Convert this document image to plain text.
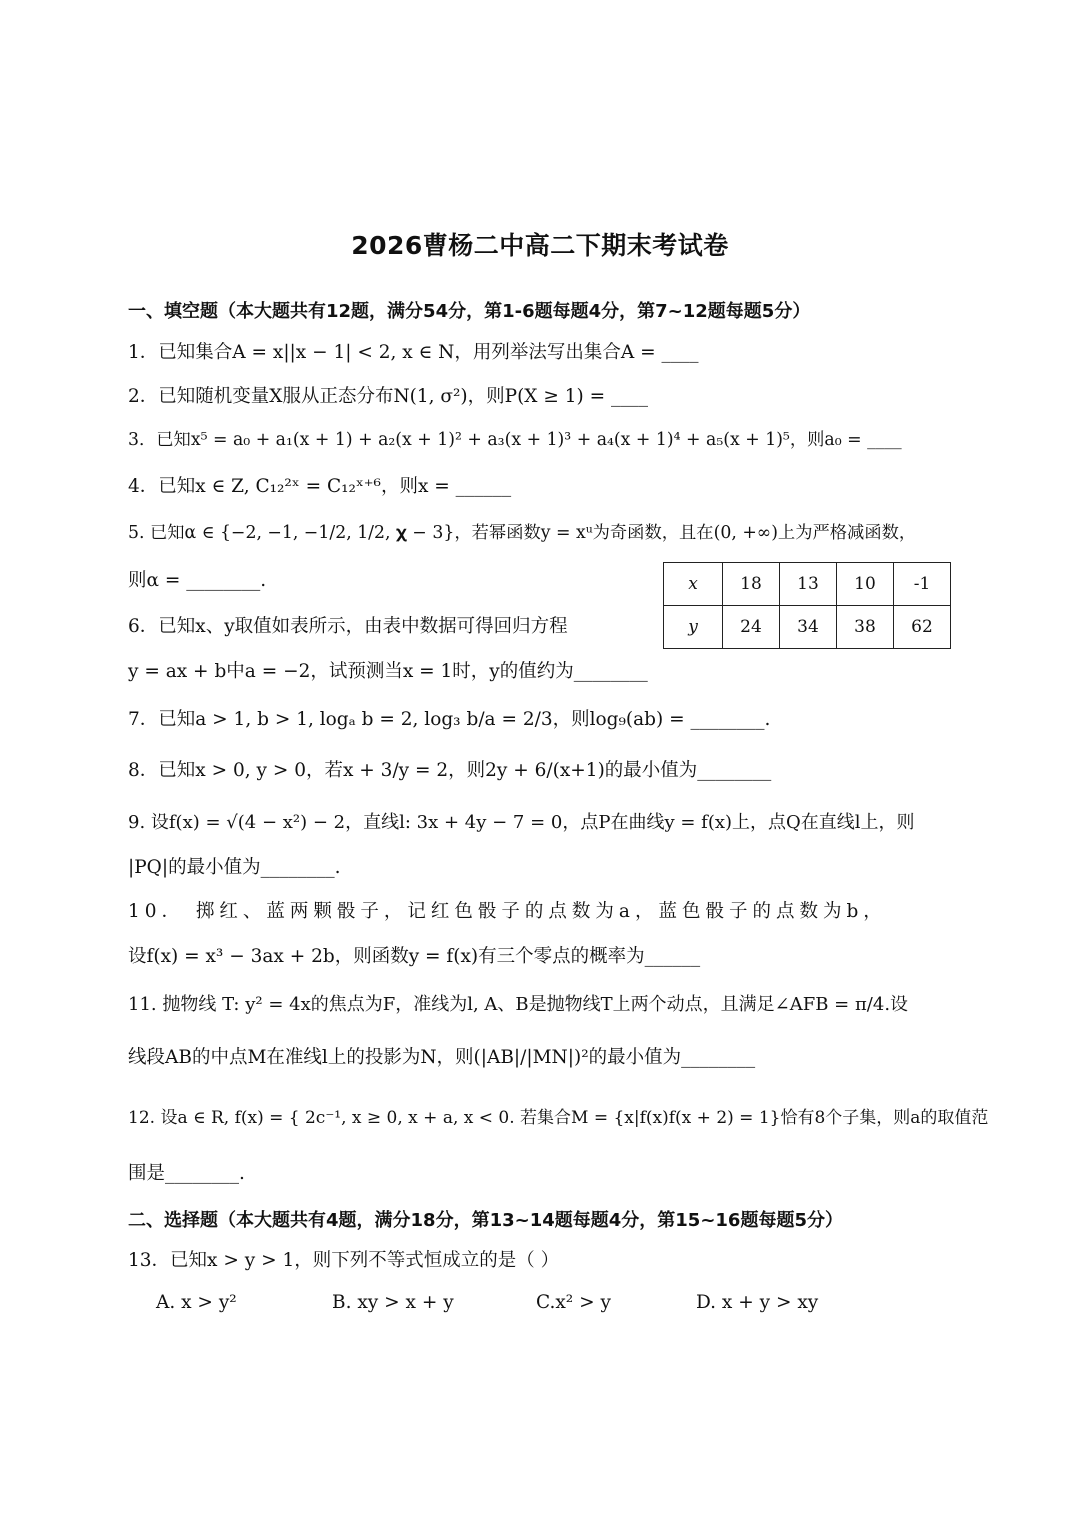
2026曹杨二中高二下期末考试卷
一、填空题（本大题共有12题，满分54分，第1-6题每题4分，第7~12题每题5分）
1．已知集合A = x||x − 1| < 2, x ∈ N，用列举法写出集合A = ____
2．已知随机变量X服从正态分布N(1, σ²)，则P(X ≥ 1) = ____
3．已知x⁵ = a₀ + a₁(x + 1) + a₂(x + 1)² + a₃(x + 1)³ + a₄(x + 1)⁴ + a₅(x + 1)⁵，则a₀ = ____
4．已知x ∈ Z, C₁₂²ˣ = C₁₂ˣ⁺⁶，则x = ______
5. 已知α ∈ {−2, −1, −1/2, 1/2, 𝛘 − 3}，若幂函数y = xᵘ为奇函数，且在(0, +∞)上为严格减函数，
则α = ________.	x	18	13	10	-1
y	24	34	38	62
6．已知x、y取值如表所示，由表中数据可得回归方程
y = ax + b中a = −2，试预测当x = 1时，y的值约为________
7．已知a > 1, b > 1, logₐ b = 2, log₃ b/a = 2/3，则log₉(ab) = ________.
8．已知x > 0, y > 0，若x + 3/y = 2，则2y + 6/(x+1)的最小值为________
9. 设f(x) = √(4 − x²) − 2，直线l: 3x + 4y − 7 = 0，点P在曲线y = f(x)上，点Q在直线l上，则
|PQ|的最小值为________.
10． 掷红、蓝两颗骰子，记红色骰子的点数为a，蓝色骰子的点数为b，
设f(x) = x³ − 3ax + 2b，则函数y = f(x)有三个零点的概率为______
11. 抛物线 T: y² = 4x的焦点为F，准线为l, A、B是抛物线T上两个动点，且满足∠AFB = π/4.设
线段AB的中点M在准线l上的投影为N，则(|AB|/|MN|)²的最小值为________
12. 设a ∈ R, f(x) = { 2c⁻¹, x ≥ 0, x + a, x < 0. 若集合M = {x|f(x)f(x + 2) = 1}恰有8个子集，则a的取值范
围是________.
二、选择题（本大题共有4题，满分18分，第13~14题每题4分，第15~16题每题5分）
13．已知x > y > 1，则下列不等式恒成立的是（ ）
A. x > y²	B. xy > x + y	C.x² > y	D. x + y > xy
